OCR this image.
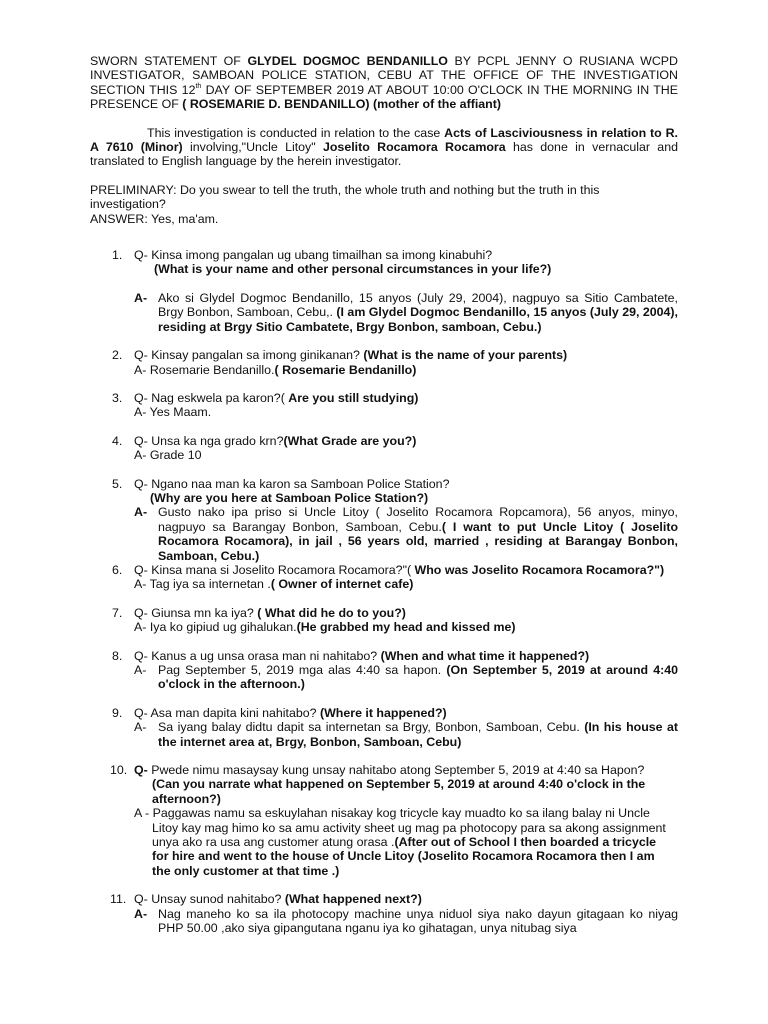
SWORN STATEMENT OF GLYDEL DOGMOC BENDANILLO BY PCPL JENNY O RUSIANA WCPD INVESTIGATOR, SAMBOAN POLICE STATION, CEBU AT THE OFFICE OF THE INVESTIGATION SECTION THIS 12th DAY OF SEPTEMBER 2019 AT ABOUT 10:00 O'CLOCK IN THE MORNING IN THE PRESENCE OF ( ROSEMARIE D. BENDANILLO) (mother of the affiant)

This investigation is conducted in relation to the case Acts of Lasciviousness in relation to R. A 7610 (Minor) involving,"Uncle Litoy" Joselito Rocamora Rocamora has done in vernacular and translated to English language by the herein investigator.

PRELIMINARY: Do you swear to tell the truth, the whole truth and nothing but the truth in this investigation?

ANSWER: Yes, ma'am.

1. Q- Kinsa imong pangalan ug ubang timailhan sa imong kinabuhi?

(What is your name and other personal circumstances in your life?)

A- Ako si Glydel Dogmoc Bendanillo, 15 anyos (July 29, 2004), nagpuyo sa Sitio Cambatete, Brgy Bonbon, Samboan, Cebu,. (I am Glydel Dogmoc Bendanillo, 15 anyos (July 29, 2004), residing at Brgy Sitio Cambatete, Brgy Bonbon, samboan, Cebu.)
2. Q- Kinsay pangalan sa imong ginikanan? (What is the name of your parents)

A- Rosemarie Bendanillo.( Rosemarie Bendanillo)

3. Q- Nag eskwela pa karon?( Are you still studying)

A- Yes Maam.

4. Q- Unsa ka nga grado krn?(What Grade are you?)

A- Grade 10

5. Q- Ngano naa man ka karon sa Samboan Police Station?

(Why are you here at Samboan Police Station?)

A- Gusto nako ipa priso si Uncle Litoy ( Joselito Rocamora Ropcamora), 56 anyos, minyo, nagpuyo sa Barangay Bonbon, Samboan, Cebu.( I want to put Uncle Litoy ( Joselito Rocamora Rocamora), in jail , 56 years old, married , residing at Barangay Bonbon, Samboan, Cebu.)
6. Q- Kinsa mana si Joselito Rocamora Rocamora?"( Who was Joselito Rocamora Rocamora?")

A- Tag iya sa internetan .( Owner of internet cafe)

7. Q- Giunsa mn ka iya? ( What did he do to you?)

A- Iya ko gipiud ug gihalukan.(He grabbed my head and kissed me)

8. Q- Kanus a ug unsa orasa man ni nahitabo? (When and what time it happened?)

A- Pag September 5, 2019 mga alas 4:40 sa hapon. (On September 5, 2019 at around 4:40 o'clock in the afternoon.)
9. Q- Asa man dapita kini nahitabo? (Where it happened?)

A- Sa iyang balay didtu dapit sa internetan sa Brgy, Bonbon, Samboan, Cebu. (In his house at the internet area at, Brgy, Bonbon, Samboan, Cebu)
10. Q- Pwede nimu masaysay kung unsay nahitabo atong September 5, 2019 at 4:40 sa Hapon? (Can you narrate what happened on September 5, 2019 at around 4:40 o'clock in the afternoon?)
A - Paggawas namu sa eskuylahan nisakay kog tricycle kay muadto ko sa ilang balay ni Uncle Litoy kay mag himo ko sa amu activity sheet ug mag pa photocopy para sa akong assignment unya ako ra usa ang customer atung orasa .(After out of School I then boarded a tricycle for hire and went to the house of Uncle Litoy (Joselito Rocamora Rocamora then I am the only customer at that time .)
11. Q- Unsay sunod nahitabo? (What happened next?)

A- Nag maneho ko sa ila photocopy machine unya niduol siya nako dayun gitagaan ko niyag PHP 50.00 ,ako siya gipangutana nganu iya ko gihatagan, unya nitubag siya
